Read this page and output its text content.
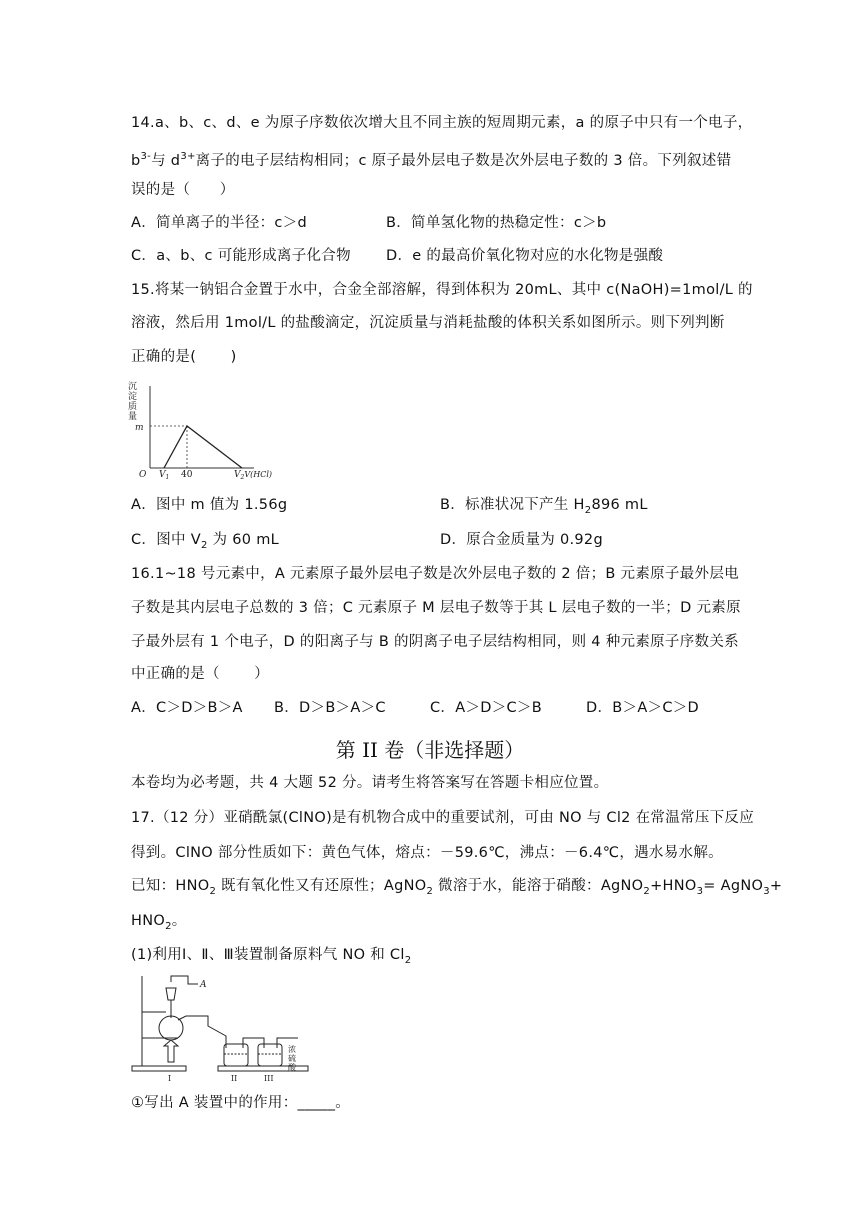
14.a、b、c、d、e 为原子序数依次增大且不同主族的短周期元素，a 的原子中只有一个电子，
$b^{3-}$与 $d^{3+}$离子的电子层结构相同；c 原子最外层电子数是次外层电子数的 3 倍。下列叙述错
误的是（　　）
A．简单离子的半径：c＞d	B．简单氢化物的热稳定性：c＞b
C．a、b、c 可能形成离子化合物 D．e 的最高价氧化物对应的水化物是强酸
15.将某一钠铝合金置于水中，合金全部溶解，得到体积为 20mL、其中 c(NaOH)=1mol/L 的
溶液，然后用 1mol/L 的盐酸滴定，沉淀质量与消耗盐酸的体积关系如图所示。则下列判断
正确的是(　　 )
沉
淀
质
量
m
O $V_1$ 40	$V_2V(HCl)$
A．图中 m 值为 1.56g	B．标准状况下产生 $H_2896$ mL
C．图中 $V_2$ 为 60 mL	D．原合金质量为 0.92g
16.1~18 号元素中，A 元素原子最外层电子数是次外层电子数的 2 倍；B 元素原子最外层电
子数是其内层电子总数的 3 倍；C 元素原子 M 层电子数等于其 L 层电子数的一半；D 元素原
子最外层有 1 个电子，D 的阳离子与 B 的阴离子电子层结构相同，则 4 种元素原子序数关系
中正确的是（　　 ）
A．C＞D＞B＞A B．D＞B＞A＞C	C．A＞D＞C＞B	D．B＞A＞C＞D
第 II 卷（非选择题）
本卷均为必考题，共 4 大题 52 分。请考生将答案写在答题卡相应位置。
17.（12 分）亚硝酰氯(ClNO)是有机物合成中的重要试剂，可由 NO 与 Cl2 在常温常压下反应
得到。ClNO 部分性质如下：黄色气体，熔点：－59.6℃，沸点：－6.4℃，遇水易水解。
已知：$HNO_2$ 既有氧化性又有还原性；AgNO$_2$ 微溶于水，能溶于硝酸：$AgNO_2+HNO_3=$ AgNO$_3$+
$HNO_2$。
(1)利用Ⅰ、Ⅱ、Ⅲ装置制备原料气 NO 和 $Cl_2$
A
I	II	III
浓
硫
酸
①写出 A 装置中的作用：_____。
